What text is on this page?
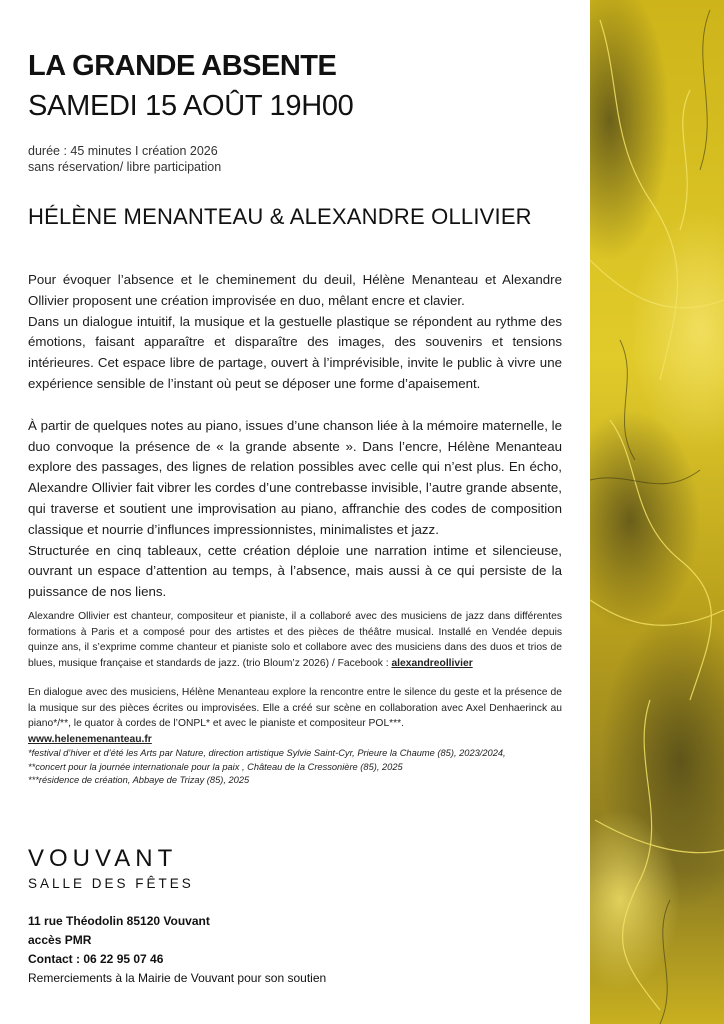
LA GRANDE ABSENTE
SAMEDI 15 AOÛT 19H00
durée : 45 minutes I création 2026
sans réservation/ libre participation
HÉLÈNE MENANTEAU & ALEXANDRE OLLIVIER

Pour évoquer l’absence et le cheminement du deuil, Hélène Menanteau et Alexandre Ollivier proposent une création improvisée en duo, mêlant encre et clavier.

Dans un dialogue intuitif, la musique et la gestuelle plastique se répondent au rythme des émotions, faisant apparaître et disparaître des images, des souvenirs et tensions intérieures. Cet espace libre de partage, ouvert à l’imprévisible, invite le public à vivre une expérience sensible de l’instant où peut se déposer une forme d’apaisement.

À partir de quelques notes au piano, issues d’une chanson liée à la mémoire maternelle, le duo convoque la présence de « la grande absente ». Dans l’encre, Hélène Menanteau explore des passages, des lignes de relation possibles avec celle qui n’est plus. En écho, Alexandre Ollivier fait vibrer les cordes d’une contrebasse invisible, l’autre grande absente, qui traverse et soutient une improvisation au piano, affranchie des codes de composition classique et nourrie d’influnces impressionnistes, minimalistes et jazz.

Structurée en cinq tableaux, cette création déploie une narration intime et silencieuse, ouvrant un espace d’attention au temps, à l’absence, mais aussi à ce qui persiste de la puissance de nos liens.

Alexandre Ollivier est chanteur, compositeur et pianiste, il a collaboré avec des musiciens de jazz dans différentes formations à Paris et a composé pour des artistes et des pièces de théâtre musical. Installé en Vendée depuis quinze ans, il s’exprime comme chanteur et pianiste solo et collabore avec des musiciens dans des duos et trios de blues, musique française et standards de jazz. (trio Bloum’z 2026) / Facebook : alexandreollivier

En dialogue avec des musiciens, Hélène Menanteau explore la rencontre entre le silence du geste et la présence de la musique sur des pièces écrites ou improvisées. Elle a créé sur scène en collaboration avec Axel Denhaerinck au piano*/**, le quator à cordes de l’ONPL* et avec le pianiste et compositeur POL***.

www.helenemenanteau.fr
*festival d’hiver et d’été les Arts par Nature, direction artistique Sylvie Saint-Cyr, Prieure la Chaume (85), 2023/2024,
**concert pour la journée internationale pour la paix , Château de la Cressonière (85), 2025
***résidence de création, Abbaye de Trizay (85), 2025
VOUVANT
SALLE DES FÊTES
11 rue Théodolin 85120 Vouvant
accès PMR
Contact : 06 22 95 07 46
Remerciements à la Mairie de Vouvant pour son soutien
